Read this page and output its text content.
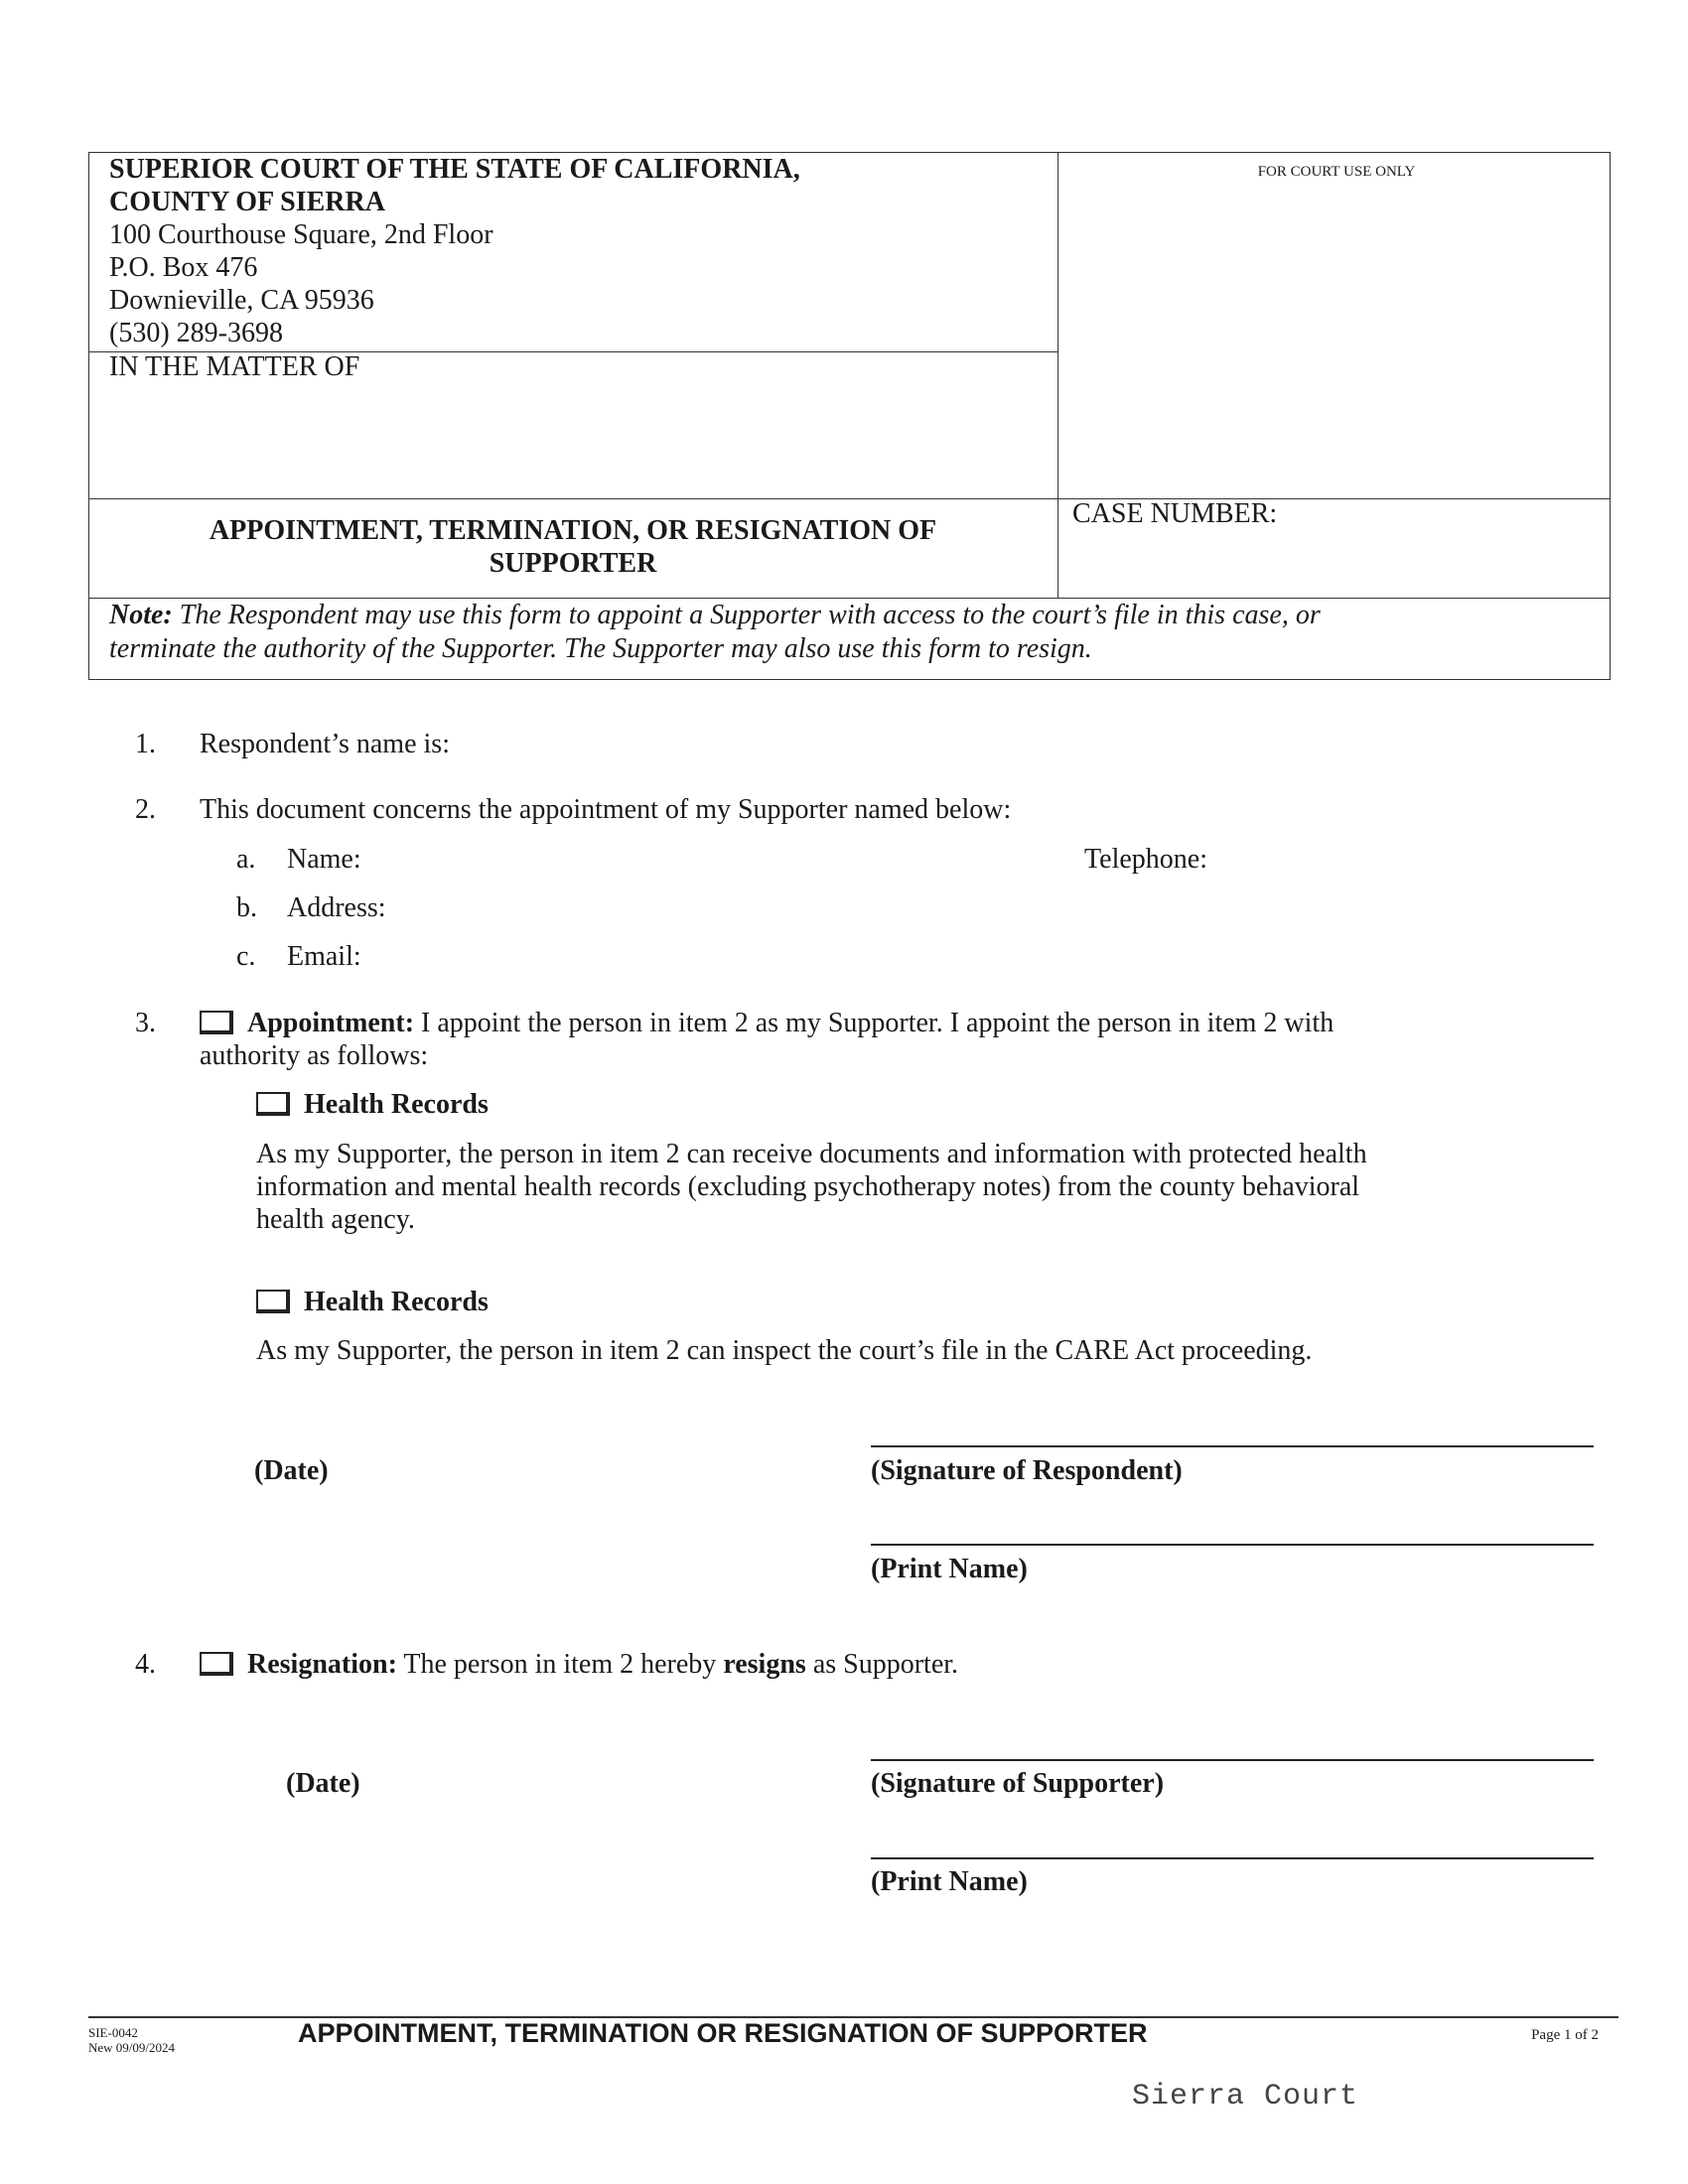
SUPERIOR COURT OF THE STATE OF CALIFORNIA,
COUNTY OF SIERRA
100 Courthouse Square, 2nd Floor
P.O. Box 476
Downieville, CA 95936
(530) 289-3698
FOR COURT USE ONLY
IN THE MATTER OF
APPOINTMENT, TERMINATION, OR RESIGNATION OF
SUPPORTER
CASE NUMBER:
Note: The Respondent may use this form to appoint a Supporter with access to the court’s file in this case, or
terminate the authority of the Supporter. The Supporter may also use this form to resign.
1. Respondent’s name is:
2. This document concerns the appointment of my Supporter named below:
a. Name:	Telephone:
b. Address:
c. Email:
3.	Appointment: I appoint the person in item 2 as my Supporter. I appoint the person in item 2 with
authority as follows:
Health Records
As my Supporter, the person in item 2 can receive documents and information with protected health
information and mental health records (excluding psychotherapy notes) from the county behavioral
health agency.
Health Records
As my Supporter, the person in item 2 can inspect the court’s file in the CARE Act proceeding.
(Date)	(Signature of Respondent)
(Print Name)
4.	Resignation: The person in item 2 hereby resigns as Supporter.
(Date)	(Signature of Supporter)
(Print Name)
SIE-0042
New 09/09/2024	APPOINTMENT, TERMINATION OR RESIGNATION OF SUPPORTER	Page 1 of 2
Sierra Court
